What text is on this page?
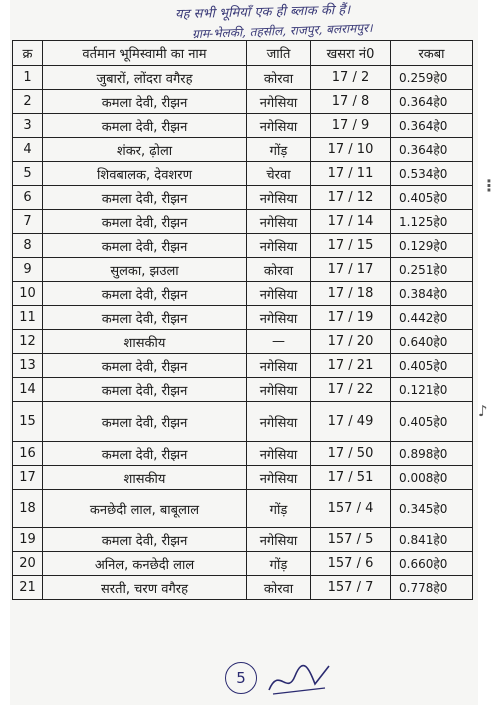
यह सभी भूमियाँ एक ही ब्लाक की हैं।
ग्राम-भेलकी, तहसील, राजपुर, बलरामपुर।
क्र	वर्तमान भूमिस्वामी का नाम	जाति	खसरा नं0	रकबा
1	जुबारों, लोंदरा वगैरह	कोरवा	17 / 2	0.259हे0
2	कमला देवी, रीझन	नगेसिया	17 / 8	0.364हे0
3	कमला देवी, रीझन	नगेसिया	17 / 9	0.364हे0
4	शंकर, ढ़ोला	गोंड़	17 / 10	0.364हे0
5	शिवबालक, देवशरण	चेरवा	17 / 11	0.534हे0
6	कमला देवी, रीझन	नगेसिया	17 / 12	0.405हे0
7	कमला देवी, रीझन	नगेसिया	17 / 14	1.125हे0
8	कमला देवी, रीझन	नगेसिया	17 / 15	0.129हे0
9	सुलका, झउला	कोरवा	17 / 17	0.251हे0
10	कमला देवी, रीझन	नगेसिया	17 / 18	0.384हे0
11	कमला देवी, रीझन	नगेसिया	17 / 19	0.442हे0
12	शासकीय	—	17 / 20	0.640हे0
13	कमला देवी, रीझन	नगेसिया	17 / 21	0.405हे0
14	कमला देवी, रीझन	नगेसिया	17 / 22	0.121हे0
15	कमला देवी, रीझन	नगेसिया	17 / 49	0.405हे0
16	कमला देवी, रीझन	नगेसिया	17 / 50	0.898हे0
17	शासकीय	नगेसिया	17 / 51	0.008हे0
18	कनछेदी लाल, बाबूलाल	गोंड़	157 / 4	0.345हे0
19	कमला देवी, रीझन	नगेसिया	157 / 5	0.841हे0
20	अनिल, कनछेदी लाल	गोंड़	157 / 6	0.660हे0
21	सरती, चरण वगैरह	कोरवा	157 / 7	0.778हे0
5
⋮
♪
